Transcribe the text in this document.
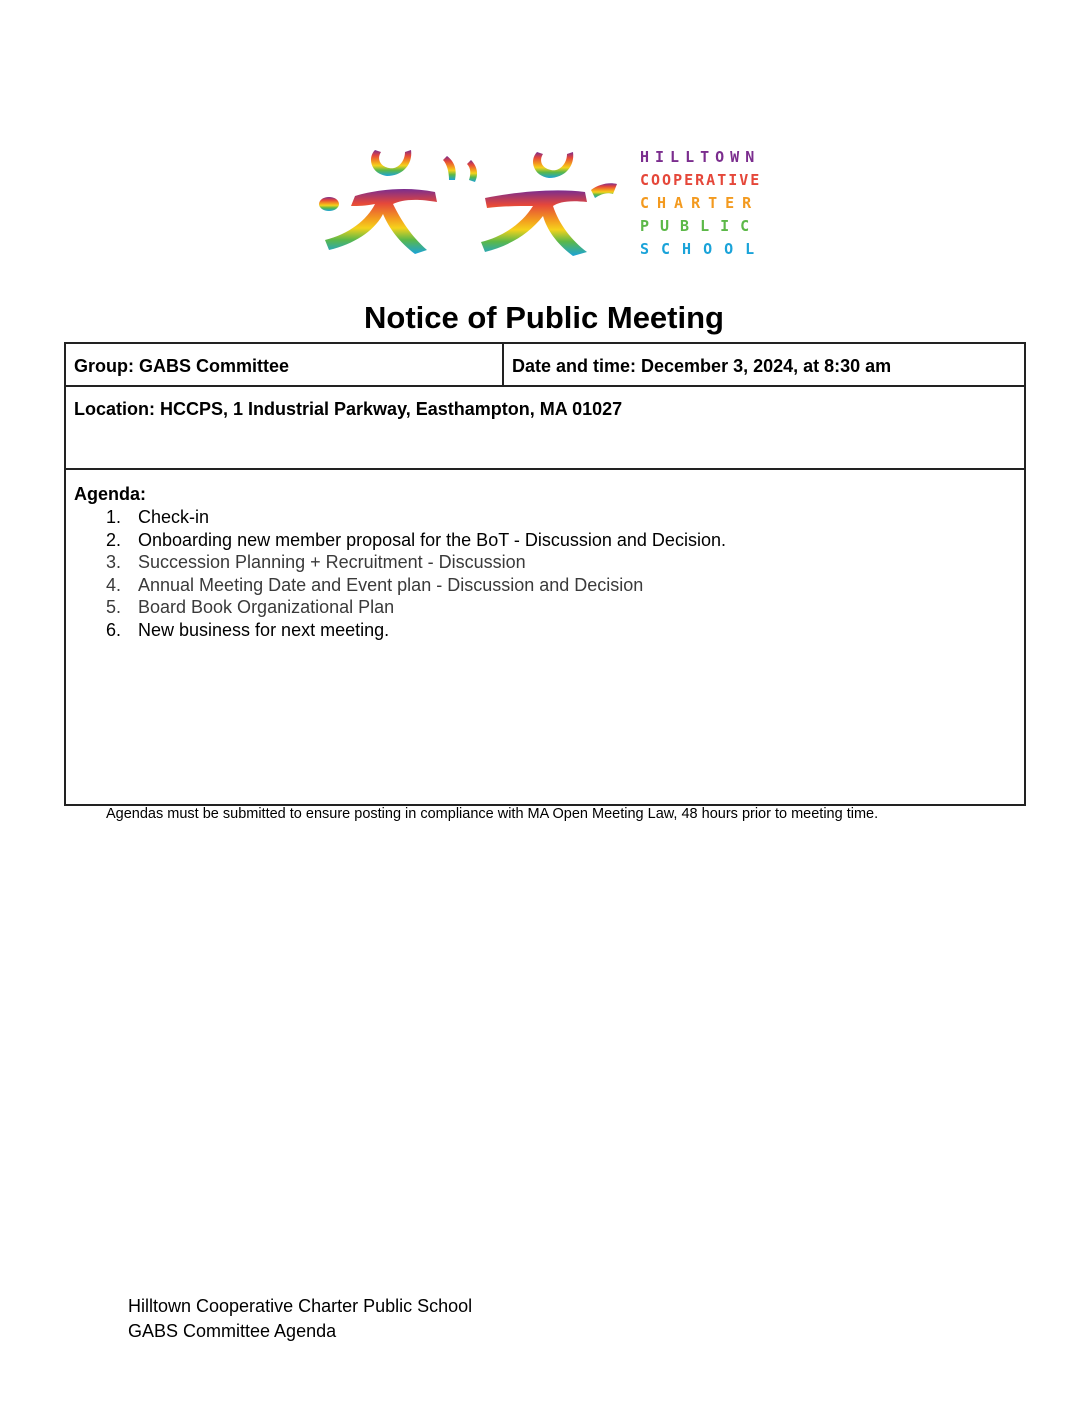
HILLTOWN
COOPERATIVE
CHARTER
PUBLIC
SCHOOL
Notice of Public Meeting
Group: GABS Committee	Date and time: December 3, 2024, at 8:30 am
Location: HCCPS, 1 Industrial Parkway, Easthampton, MA 01027
Agenda:
1. Check-in
2. Onboarding new member proposal for the BoT - Discussion and Decision.
3. Succession Planning + Recruitment - Discussion
4. Annual Meeting Date and Event plan - Discussion and Decision
5. Board Book Organizational Plan
6. New business for next meeting.
Agendas must be submitted to ensure posting in compliance with MA Open Meeting Law, 48 hours prior to meeting time.
Hilltown Cooperative Charter Public School
GABS Committee Agenda
